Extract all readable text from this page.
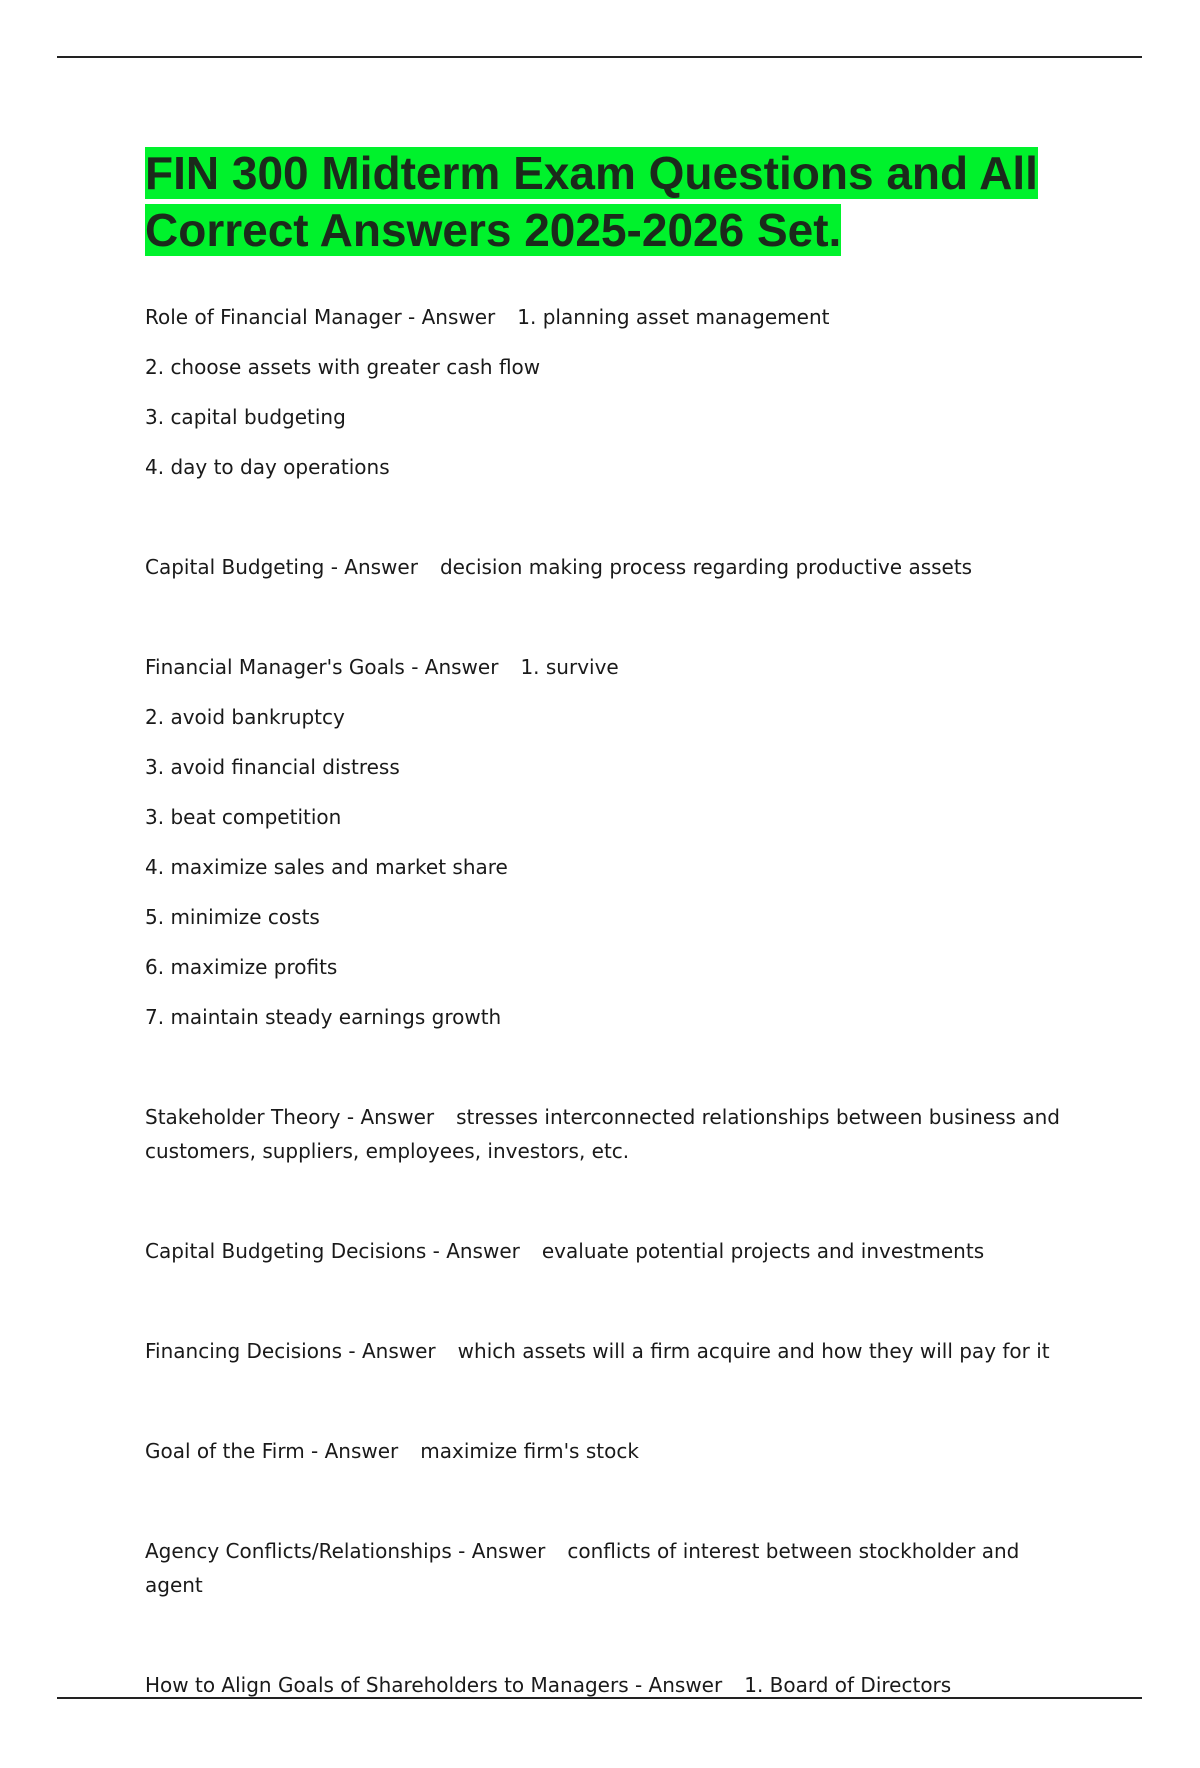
FIN 300 Midterm Exam Questions and All Correct Answers 2025-2026 Set.

Role of Financial Manager - Answer 1. planning asset management

2. choose assets with greater cash flow

3. capital budgeting

4. day to day operations

Capital Budgeting - Answer decision making process regarding productive assets

Financial Manager's Goals - Answer 1. survive

2. avoid bankruptcy

3. avoid financial distress

3. beat competition

4. maximize sales and market share

5. minimize costs

6. maximize profits

7. maintain steady earnings growth

Stakeholder Theory - Answer stresses interconnected relationships between business and customers, suppliers, employees, investors, etc.

Capital Budgeting Decisions - Answer evaluate potential projects and investments

Financing Decisions - Answer which assets will a firm acquire and how they will pay for it

Goal of the Firm - Answer maximize firm's stock

Agency Conflicts/Relationships - Answer conflicts of interest between stockholder and agent

How to Align Goals of Shareholders to Managers - Answer 1. Board of Directors
